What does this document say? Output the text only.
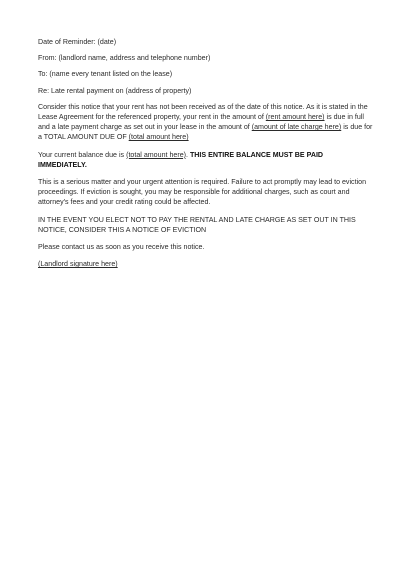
Date of Reminder: (date)

From: (landlord name, address and telephone number)

To: (name every tenant listed on the lease)

Re: Late rental payment on (address of property)

Consider this notice that your rent has not been received as of the date of this notice. As it is stated in the Lease Agreement for the referenced property, your rent in the amount of (rent amount here) is due in full and a late payment charge as set out in your lease in the amount of (amount of late charge here) is due for a TOTAL AMOUNT DUE OF (total amount here)

Your current balance due is (total amount here). THIS ENTIRE BALANCE MUST BE PAID IMMEDIATELY.

This is a serious matter and your urgent attention is required. Failure to act promptly may lead to eviction proceedings. If eviction is sought, you may be responsible for additional charges, such as court and attorney's fees and your credit rating could be affected.

IN THE EVENT YOU ELECT NOT TO PAY THE RENTAL AND LATE CHARGE AS SET OUT IN THIS NOTICE, CONSIDER THIS A NOTICE OF EVICTION

Please contact us as soon as you receive this notice.

(Landlord signature here)
